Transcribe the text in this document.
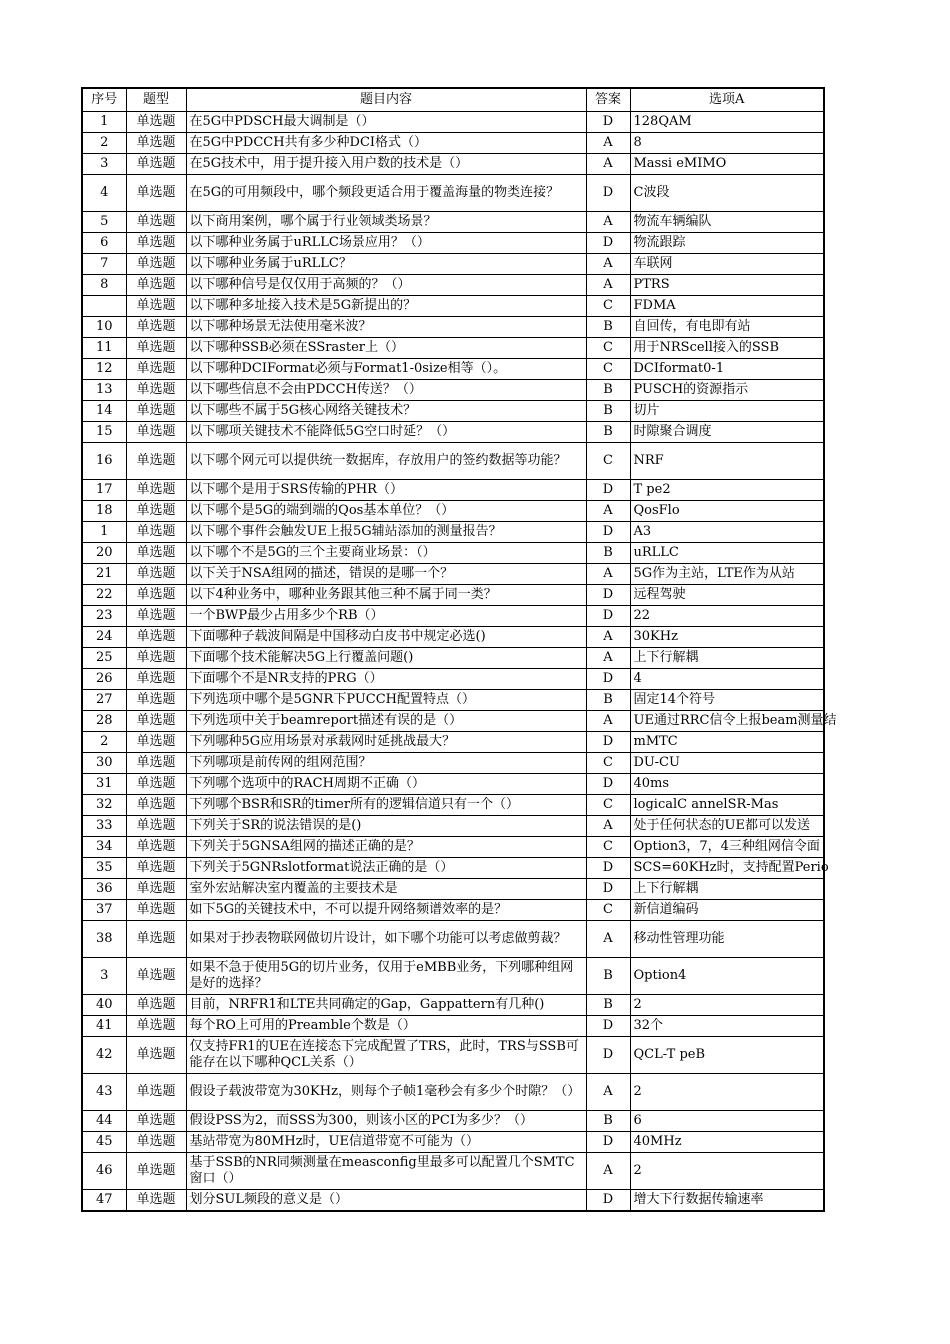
序号	题型	题目内容	答案	选项A
1	单选题	在5G中PDSCH最大调制是（）	D	128QAM
2	单选题	在5G中PDCCH共有多少种DCI格式（）	A	8
3	单选题	在5G技术中，用于提升接入用户数的技术是（）	A	Massi eMIMO
4	单选题	在5G的可用频段中，哪个频段更适合用于覆盖海量的物类连接？	D	C波段
5	单选题	以下商用案例，哪个属于行业领域类场景？	A	物流车辆编队
6	单选题	以下哪种业务属于uRLLC场景应用？（）	D	物流跟踪
7	单选题	以下哪种业务属于uRLLC？	A	车联网
8	单选题	以下哪种信号是仅仅用于高频的？（）	A	PTRS
	单选题	以下哪种多址接入技术是5G新提出的？	C	FDMA
10	单选题	以下哪种场景无法使用毫米波？	B	自回传，有电即有站
11	单选题	以下哪种SSB必须在SSraster上（）	C	用于NRScell接入的SSB
12	单选题	以下哪种DCIFormat必须与Format1-0size相等（）。	C	DCIformat0-1
13	单选题	以下哪些信息不会由PDCCH传送？（）	B	PUSCH的资源指示
14	单选题	以下哪些不属于5G核心网络关键技术？	B	切片
15	单选题	以下哪项关键技术不能降低5G空口时延？（）	B	时隙聚合调度
16	单选题	以下哪个网元可以提供统一数据库，存放用户的签约数据等功能？	C	NRF
17	单选题	以下哪个是用于SRS传输的PHR（）	D	T pe2
18	单选题	以下哪个是5G的端到端的Qos基本单位？（）	A	QosFlo
1	单选题	以下哪个事件会触发UE上报5G辅站添加的测量报告？	D	A3
20	单选题	以下哪个不是5G的三个主要商业场景：（）	B	uRLLC
21	单选题	以下关于NSA组网的描述，错误的是哪一个？	A	5G作为主站，LTE作为从站
22	单选题	以下4种业务中，哪种业务跟其他三种不属于同一类？	D	远程驾驶
23	单选题	一个BWP最少占用多少个RB（）	D	22
24	单选题	下面哪种子载波间隔是中国移动白皮书中规定必选()	A	30KHz
25	单选题	下面哪个技术能解决5G上行覆盖问题()	A	上下行解耦
26	单选题	下面哪个不是NR支持的PRG（）	D	4
27	单选题	下列选项中哪个是5GNR下PUCCH配置特点（）	B	固定14个符号
28	单选题	下列选项中关于beamreport描述有误的是（）	A	UE通过RRC信令上报beam测量结
2	单选题	下列哪种5G应用场景对承载网时延挑战最大？	D	mMTC
30	单选题	下列哪项是前传网的组网范围？	C	DU-CU
31	单选题	下列哪个选项中的RACH周期不正确（）	D	40ms
32	单选题	下列哪个BSR和SR的timer所有的逻辑信道只有一个（）	C	logicalC annelSR-Mas
33	单选题	下列关于SR的说法错误的是()	A	处于任何状态的UE都可以发送
34	单选题	下列关于5GNSA组网的描述正确的是？	C	Option3，7，4三种组网信令面
35	单选题	下列关于5GNRslotformat说法正确的是（）	D	SCS=60KHz时，支持配置Perio
36	单选题	室外宏站解决室内覆盖的主要技术是	D	上下行解耦
37	单选题	如下5G的关键技术中，不可以提升网络频谱效率的是？	C	新信道编码
38	单选题	如果对于抄表物联网做切片设计，如下哪个功能可以考虑做剪裁？	A	移动性管理功能
3	单选题	如果不急于使用5G的切片业务，仅用于eMBB业务，下列哪种组网是好的选择？	B	Option4
40	单选题	目前，NRFR1和LTE共同确定的Gap，Gappattern有几种()	B	2
41	单选题	每个RO上可用的Preamble个数是（）	D	32个
42	单选题	仅支持FR1的UE在连接态下完成配置了TRS，此时，TRS与SSB可能存在以下哪种QCL关系（）	D	QCL-T peB
43	单选题	假设子载波带宽为30KHz，则每个子帧1毫秒会有多少个时隙？（）	A	2
44	单选题	假设PSS为2，而SSS为300，则该小区的PCI为多少？（）	B	6
45	单选题	基站带宽为80MHz时，UE信道带宽不可能为（）	D	40MHz
46	单选题	基于SSB的NR同频测量在measconfig里最多可以配置几个SMTC窗口（）	A	2
47	单选题	划分SUL频段的意义是（）	D	增大下行数据传输速率
